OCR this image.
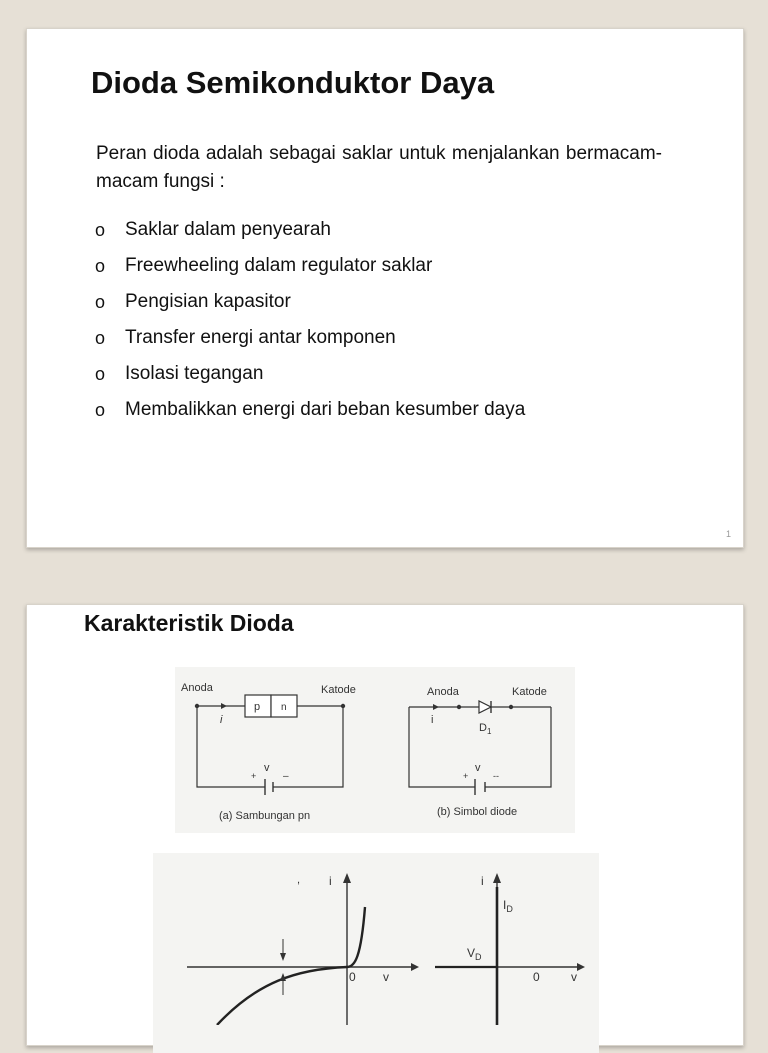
Dioda Semikonduktor Daya

Peran dioda adalah sebagai saklar untuk menjalankan bermacam-macam fungsi :

o	Saklar dalam penyearah
o	Freewheeling dalam regulator saklar
o	Pengisian kapasitor
o	Transfer energi antar komponen
o	Isolasi tegangan
o	Membalikkan energi dari beban kesumber daya
1
Karakteristik Dioda
Anoda	Katode
p n
i
+
v
–
(a) Sambungan pn
Anoda	Katode
i
$D_1$
+
v
--
(b) Simbol diode
i
,
v
0
i
$I_D$
$V_D$
0	v
